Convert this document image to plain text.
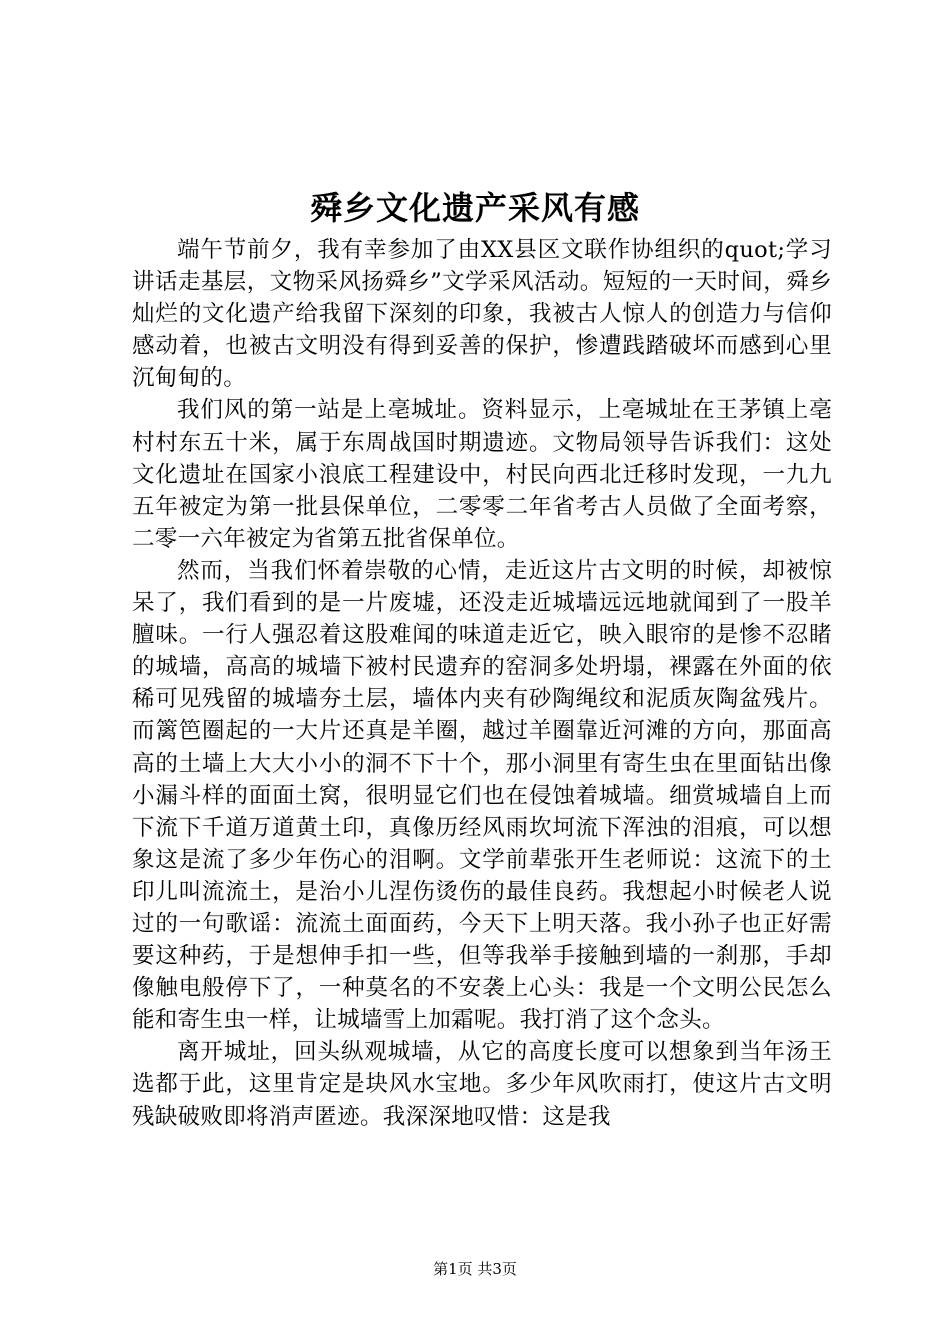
舜乡文化遗产采风有感

端午节前夕，我有幸参加了由XX县区文联作协组织的quot;学习讲话走基层，文物采风扬舜乡”文学采风活动。短短的一天时间，舜乡灿烂的文化遗产给我留下深刻的印象，我被古人惊人的创造力与信仰感动着，也被古文明没有得到妥善的保护，惨遭践踏破坏而感到心里沉甸甸的。

我们风的第一站是上亳城址。资料显示，上亳城址在王茅镇上亳村村东五十米，属于东周战国时期遗迹。文物局领导告诉我们：这处文化遗址在国家小浪底工程建设中，村民向西北迁移时发现，一九九五年被定为第一批县保单位，二零零二年省考古人员做了全面考察，二零一六年被定为省第五批省保单位。

然而，当我们怀着崇敬的心情，走近这片古文明的时候，却被惊呆了，我们看到的是一片废墟，还没走近城墙远远地就闻到了一股羊膻味。一行人强忍着这股难闻的味道走近它，映入眼帘的是惨不忍睹的城墙，高高的城墙下被村民遗弃的窑洞多处坍塌，裸露在外面的依稀可见残留的城墙夯土层，墙体内夹有砂陶绳纹和泥质灰陶盆残片。而篱笆圈起的一大片还真是羊圈，越过羊圈靠近河滩的方向，那面高高的土墙上大大小小的洞不下十个，那小洞里有寄生虫在里面钻出像小漏斗样的面面土窝，很明显它们也在侵蚀着城墙。细赏城墙自上而下流下千道万道黄土印，真像历经风雨坎坷流下浑浊的泪痕，可以想象这是流了多少年伤心的泪啊。文学前辈张开生老师说：这流下的土印儿叫流流土，是治小儿涅伤烫伤的最佳良药。我想起小时候老人说过的一句歌谣：流流土面面药，今天下上明天落。我小孙子也正好需要这种药，于是想伸手扣一些，但等我举手接触到墙的一刹那，手却像触电般停下了，一种莫名的不安袭上心头：我是一个文明公民怎么能和寄生虫一样，让城墙雪上加霜呢。我打消了这个念头。

离开城址，回头纵观城墙，从它的高度长度可以想象到当年汤王选都于此，这里肯定是块风水宝地。多少年风吹雨打，使这片古文明残缺破败即将消声匿迹。我深深地叹惜：这是我

第1页 共3页
